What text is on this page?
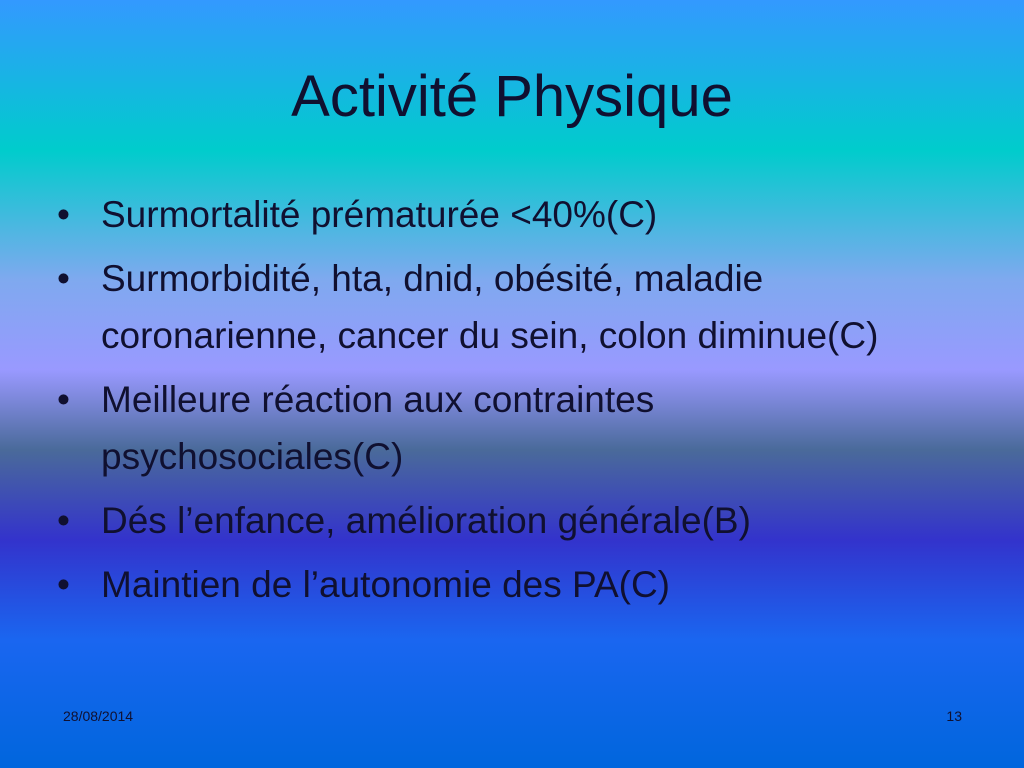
Activité Physique
• Surmortalité prématurée <40%(C)
• Surmorbidité, hta, dnid, obésité, maladie coronarienne, cancer du sein, colon diminue(C)
• Meilleure réaction aux contraintes psychosociales(C)
• Dés l’enfance, amélioration générale(B)
• Maintien de l’autonomie des PA(C)
28/08/2014	13
